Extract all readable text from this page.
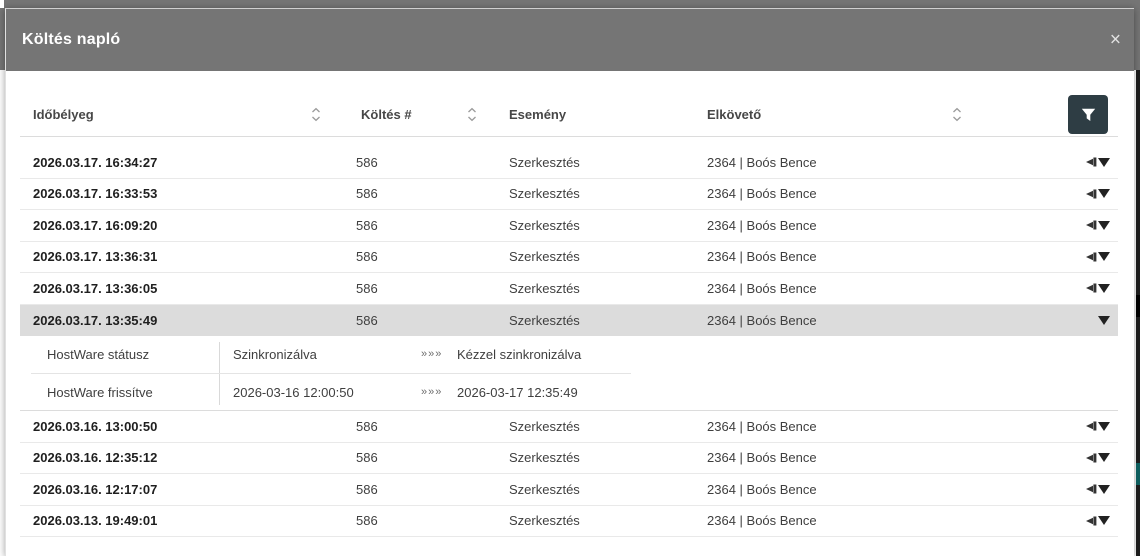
Költés napló	×
Időbélyeg	Költés #	Esemény	Elkövető
2026.03.17. 16:34:27	586	Szerkesztés	2364 | Boós Bence
2026.03.17. 16:33:53	586	Szerkesztés	2364 | Boós Bence
2026.03.17. 16:09:20	586	Szerkesztés	2364 | Boós Bence
2026.03.17. 13:36:31	586	Szerkesztés	2364 | Boós Bence
2026.03.17. 13:36:05	586	Szerkesztés	2364 | Boós Bence
2026.03.17. 13:35:49	586	Szerkesztés	2364 | Boós Bence
HostWare státusz	Szinkronizálva	»»» Kézzel szinkronizálva
HostWare frissítve	2026-03-16 12:00:50	»»» 2026-03-17 12:35:49
2026.03.16. 13:00:50	586	Szerkesztés	2364 | Boós Bence
2026.03.16. 12:35:12	586	Szerkesztés	2364 | Boós Bence
2026.03.16. 12:17:07	586	Szerkesztés	2364 | Boós Bence
2026.03.13. 19:49:01	586	Szerkesztés	2364 | Boós Bence
